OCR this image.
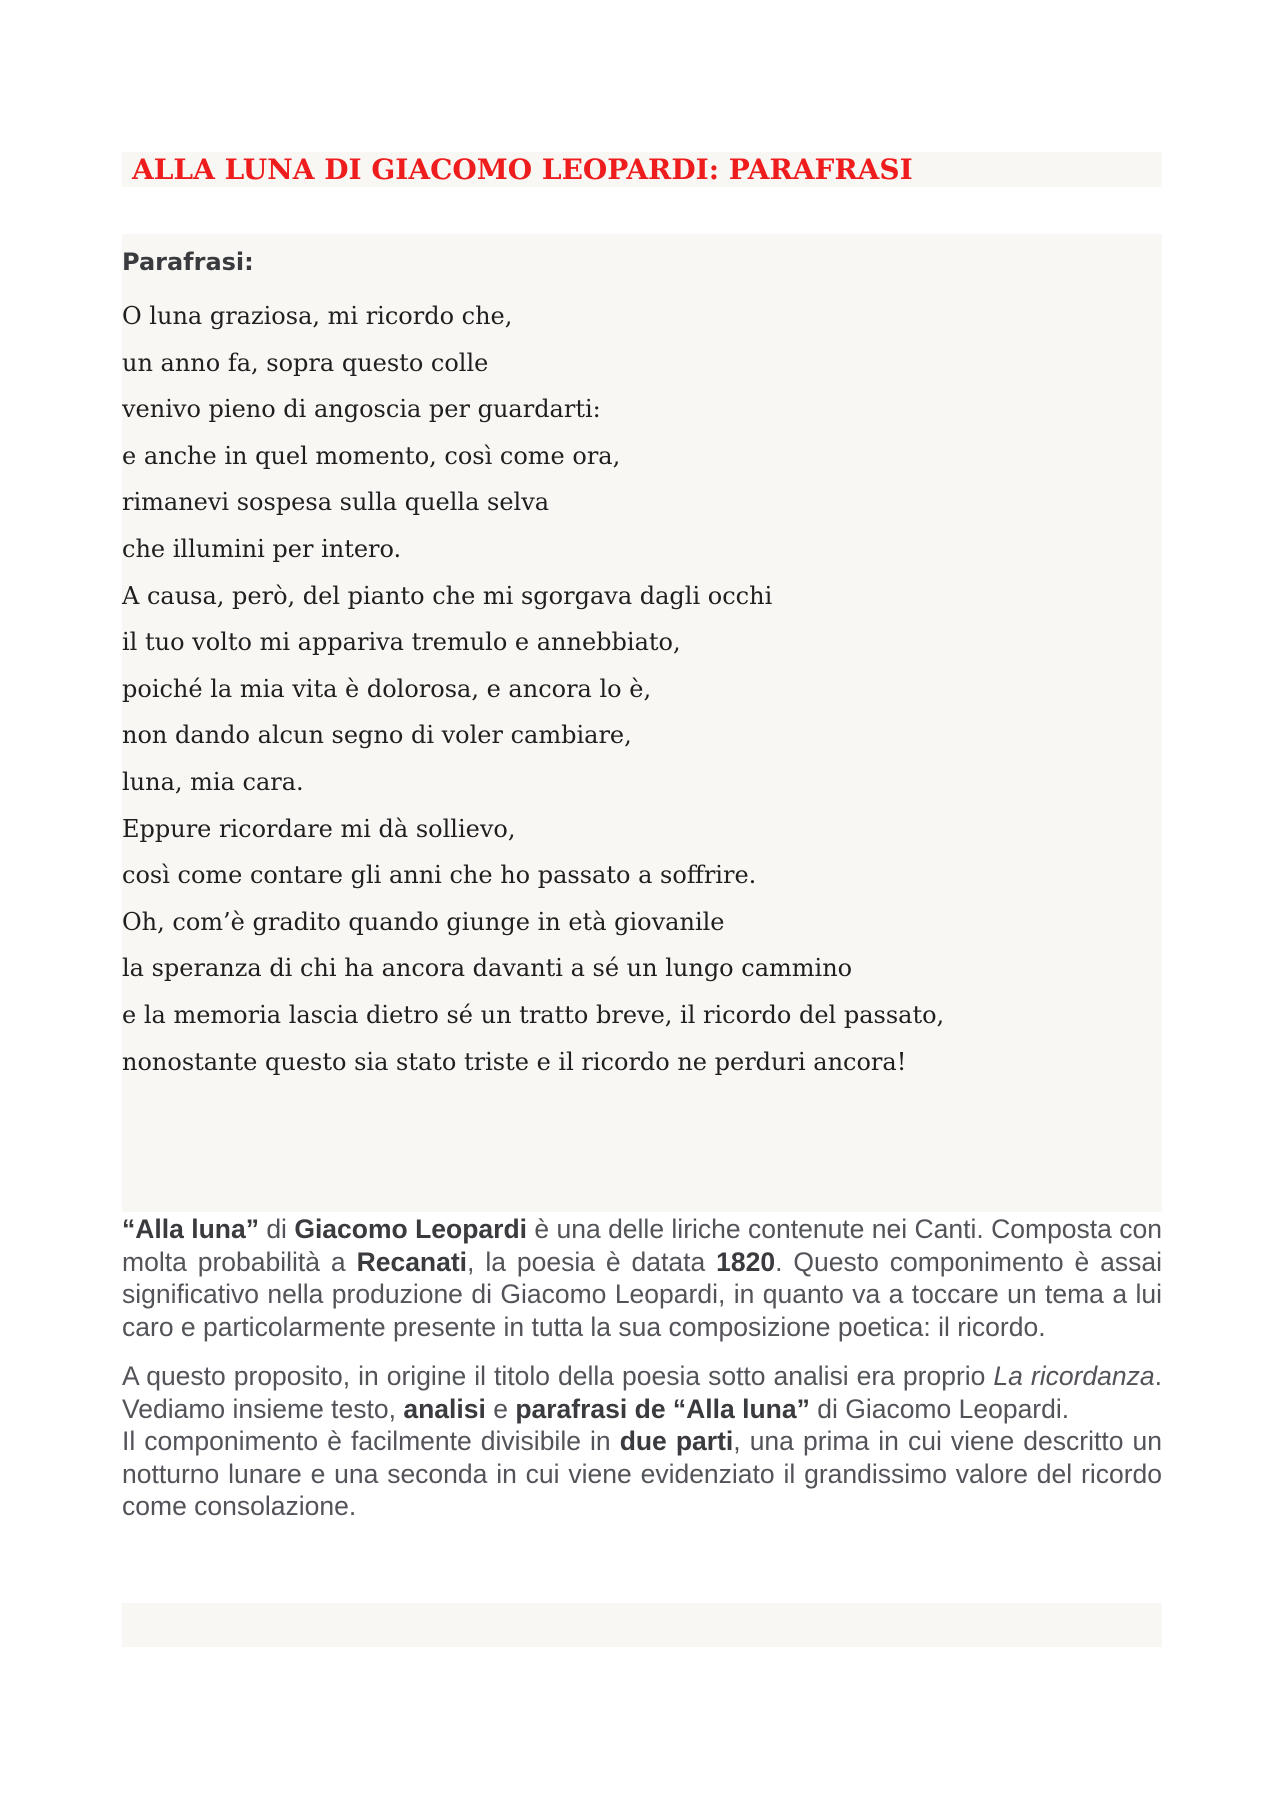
ALLA LUNA DI GIACOMO LEOPARDI: PARAFRASI
Parafrasi:
O luna graziosa, mi ricordo che,
un anno fa, sopra questo colle
venivo pieno di angoscia per guardarti:
e anche in quel momento, così come ora,
rimanevi sospesa sulla quella selva
che illumini per intero.
A causa, però, del pianto che mi sgorgava dagli occhi
il tuo volto mi appariva tremulo e annebbiato,
poiché la mia vita è dolorosa, e ancora lo è,
non dando alcun segno di voler cambiare,
luna, mia cara.
Eppure ricordare mi dà sollievo,
così come contare gli anni che ho passato a soffrire.
Oh, com’è gradito quando giunge in età giovanile
la speranza di chi ha ancora davanti a sé un lungo cammino
e la memoria lascia dietro sé un tratto breve, il ricordo del passato,
nonostante questo sia stato triste e il ricordo ne perduri ancora!

“Alla luna” di Giacomo Leopardi è una delle liriche contenute nei Canti. Composta con molta probabilità a Recanati, la poesia è datata 1820. Questo componimento è assai significativo nella produzione di Giacomo Leopardi, in quanto va a toccare un tema a lui caro e particolarmente presente in tutta la sua composizione poetica: il ricordo.

A questo proposito, in origine il titolo della poesia sotto analisi era proprio La ricordanza. Vediamo insieme testo, analisi e parafrasi de “Alla luna” di Giacomo Leopardi.

Il componimento è facilmente divisibile in due parti, una prima in cui viene descritto un notturno lunare e una seconda in cui viene evidenziato il grandissimo valore del ricordo come consolazione.
